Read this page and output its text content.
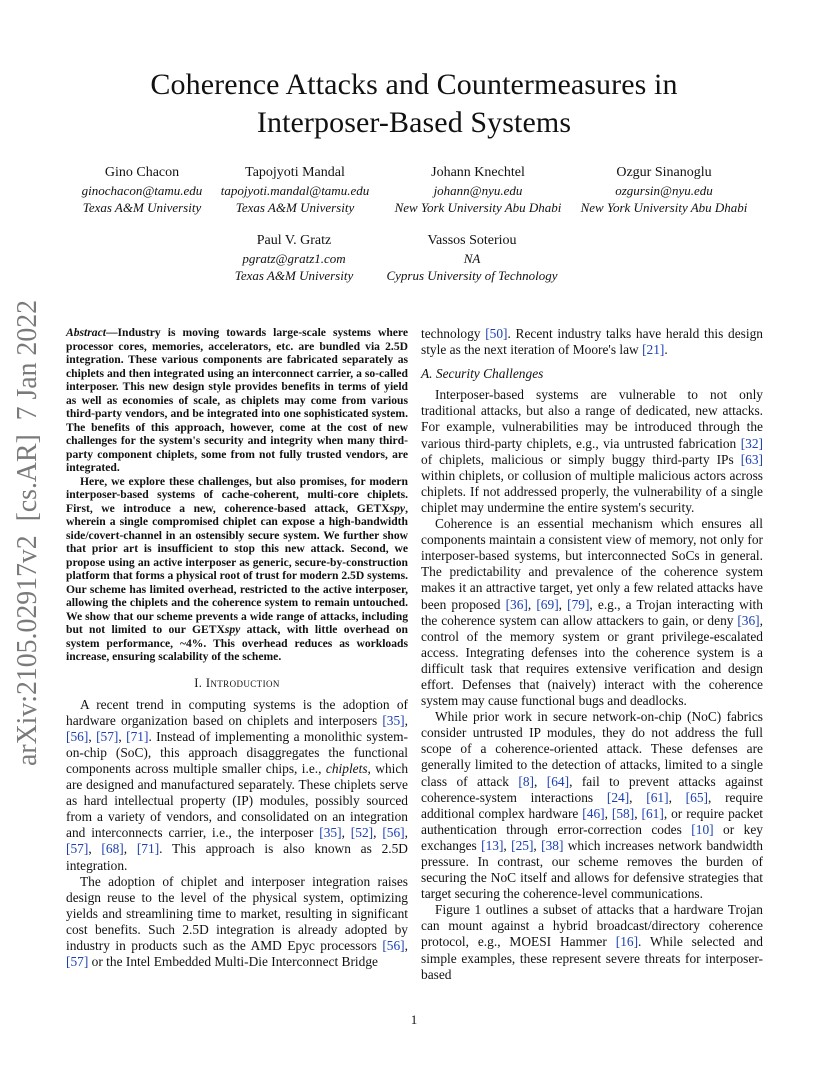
arXiv:2105.02917v2  [cs.AR]  7 Jan 2022
Coherence Attacks and Countermeasures in
Interposer-Based Systems
Gino Chacon
ginochacon@tamu.edu
Texas A&M University
Tapojyoti Mandal
tapojyoti.mandal@tamu.edu
Texas A&M University
Johann Knechtel
johann@nyu.edu
New York University Abu Dhabi
Ozgur Sinanoglu
ozgursin@nyu.edu
New York University Abu Dhabi
Paul V. Gratz
pgratz@gratz1.com
Texas A&M University
Vassos Soteriou
NA
Cyprus University of Technology

Abstract—Industry is moving towards large-scale systems where processor cores, memories, accelerators, etc. are bundled via 2.5D integration. These various components are fabricated separately as chiplets and then integrated using an interconnect carrier, a so-called interposer. This new design style provides benefits in terms of yield as well as economies of scale, as chiplets may come from various third-party vendors, and be integrated into one sophisticated system. The benefits of this approach, however, come at the cost of new challenges for the system's security and integrity when many third-party component chiplets, some from not fully trusted vendors, are integrated.

Here, we explore these challenges, but also promises, for modern interposer-based systems of cache-coherent, multi-core chiplets. First, we introduce a new, coherence-based attack, GETXspy, wherein a single compromised chiplet can expose a high-bandwidth side/covert-channel in an ostensibly secure system. We further show that prior art is insufficient to stop this new attack. Second, we propose using an active interposer as generic, secure-by-construction platform that forms a physical root of trust for modern 2.5D systems. Our scheme has limited overhead, restricted to the active interposer, allowing the chiplets and the coherence system to remain untouched. We show that our scheme prevents a wide range of attacks, including but not limited to our GETXspy attack, with little overhead on system performance, ~4%. This overhead reduces as workloads increase, ensuring scalability of the scheme.

I. Introduction

A recent trend in computing systems is the adoption of hardware organization based on chiplets and interposers [35], [56], [57], [71]. Instead of implementing a monolithic system-on-chip (SoC), this approach disaggregates the functional components across multiple smaller chips, i.e., chiplets, which are designed and manufactured separately. These chiplets serve as hard intellectual property (IP) modules, possibly sourced from a variety of vendors, and consolidated on an integration and interconnects carrier, i.e., the interposer [35], [52], [56], [57], [68], [71]. This approach is also known as 2.5D integration.

The adoption of chiplet and interposer integration raises design reuse to the level of the physical system, optimizing yields and streamlining time to market, resulting in significant cost benefits. Such 2.5D integration is already adopted by industry in products such as the AMD Epyc processors [56], [57] or the Intel Embedded Multi-Die Interconnect Bridge

technology [50]. Recent industry talks have herald this design style as the next iteration of Moore's law [21].

A. Security Challenges

Interposer-based systems are vulnerable to not only traditional attacks, but also a range of dedicated, new attacks. For example, vulnerabilities may be introduced through the various third-party chiplets, e.g., via untrusted fabrication [32] of chiplets, malicious or simply buggy third-party IPs [63] within chiplets, or collusion of multiple malicious actors across chiplets. If not addressed properly, the vulnerability of a single chiplet may undermine the entire system's security.

Coherence is an essential mechanism which ensures all components maintain a consistent view of memory, not only for interposer-based systems, but interconnected SoCs in general. The predictability and prevalence of the coherence system makes it an attractive target, yet only a few related attacks have been proposed [36], [69], [79], e.g., a Trojan interacting with the coherence system can allow attackers to gain, or deny [36], control of the memory system or grant privilege-escalated access. Integrating defenses into the coherence system is a difficult task that requires extensive verification and design effort. Defenses that (naively) interact with the coherence system may cause functional bugs and deadlocks.

While prior work in secure network-on-chip (NoC) fabrics consider untrusted IP modules, they do not address the full scope of a coherence-oriented attack. These defenses are generally limited to the detection of attacks, limited to a single class of attack [8], [64], fail to prevent attacks against coherence-system interactions [24], [61], [65], require additional complex hardware [46], [58], [61], or require packet authentication through error-correction codes [10] or key exchanges [13], [25], [38] which increases network bandwidth pressure. In contrast, our scheme removes the burden of securing the NoC itself and allows for defensive strategies that target securing the coherence-level communications.

Figure 1 outlines a subset of attacks that a hardware Trojan can mount against a hybrid broadcast/directory coherence protocol, e.g., MOESI Hammer [16]. While selected and simple examples, these represent severe threats for interposer-based

1
